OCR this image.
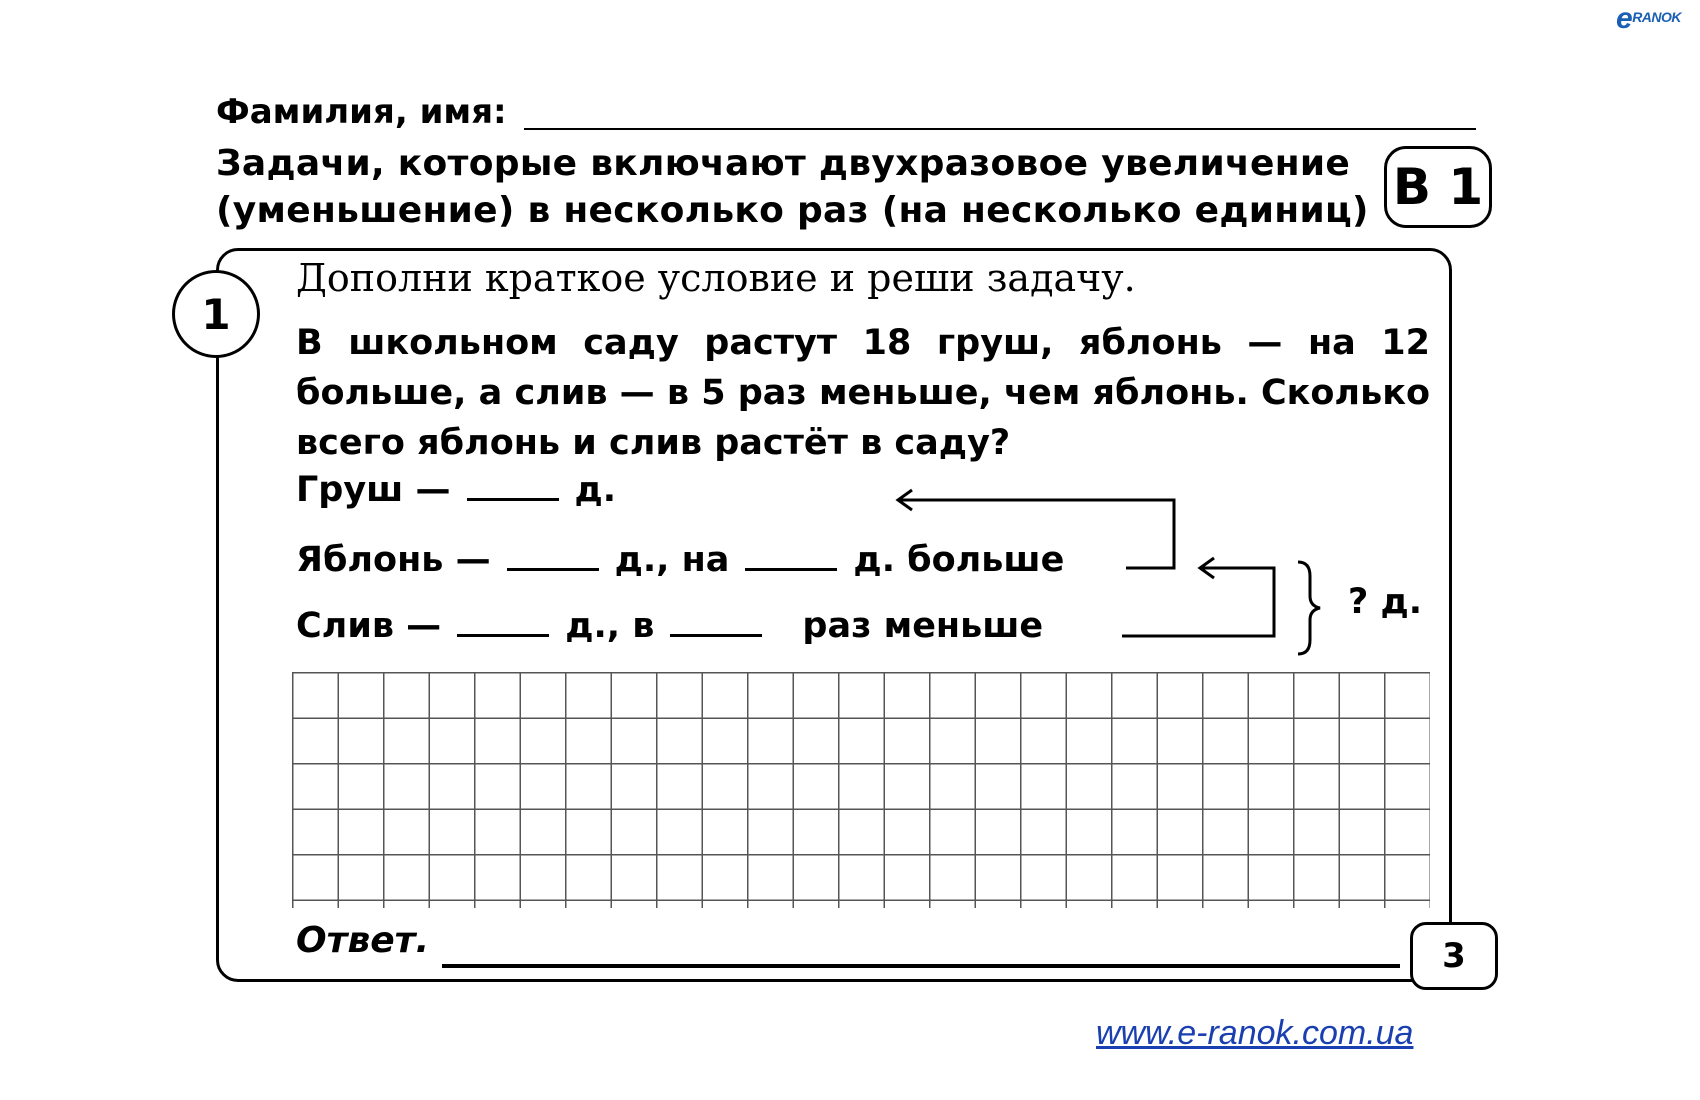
$e^{RANOK}$
Фамилия, имя:
Задачи, которые включают двухразовое увеличение
(уменьшение) в несколько раз (на несколько единиц) В 1
1
Дополни краткое условие и реши задачу.
В школьном саду растут 18 груш, яблонь — на 12 больше, а слив — в 5 раз меньше, чем яблонь. Сколько всего яблонь и слив растёт в саду?
Груш —	д.
Яблонь —	д., на	д. больше
Слив —	д., в	раз меньше
? д.
Ответ.	3
www.e-ranok.com.ua
